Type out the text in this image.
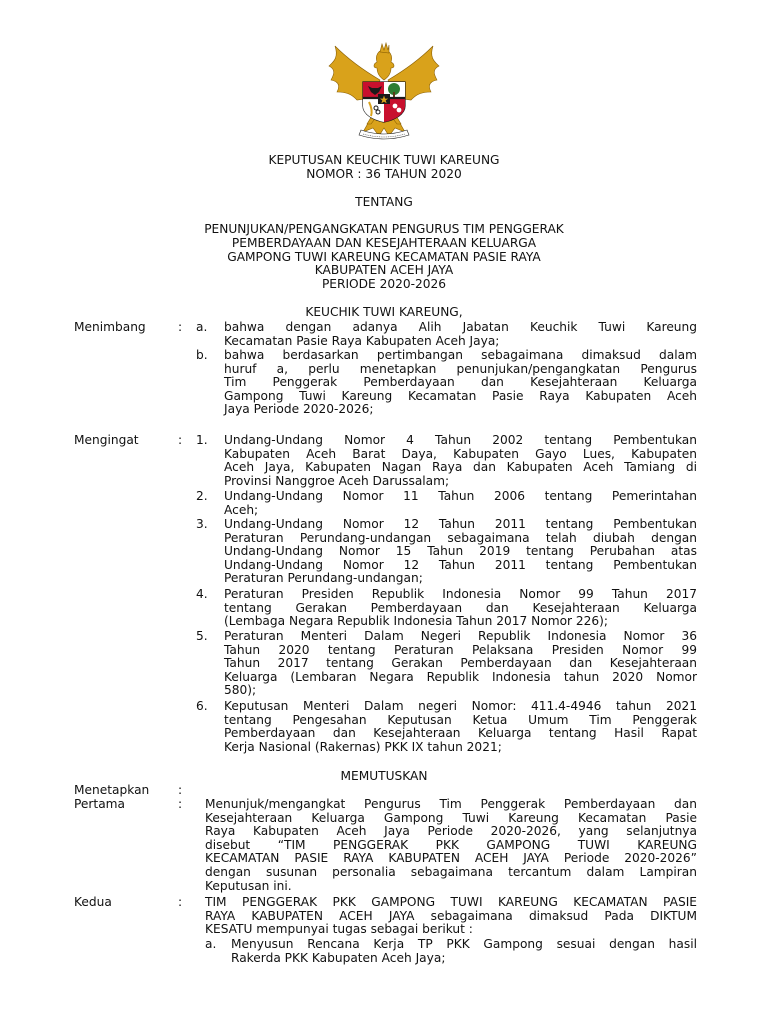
KEPUTUSAN KEUCHIK TUWI KAREUNG
NOMOR : 36 TAHUN 2020
TENTANG
PENUNJUKAN/PENGANGKATAN PENGURUS TIM PENGGERAK
PEMBERDAYAAN DAN KESEJAHTERAAN KELUARGA
GAMPONG TUWI KAREUNG KECAMATAN PASIE RAYA
KABUPATEN ACEH JAYA
PERIODE 2020-2026
KEUCHIK TUWI KAREUNG,
Menimbang	: a. bahwa dengan adanya Alih Jabatan Keuchik Tuwi Kareung
Kecamatan Pasie Raya Kabupaten Aceh Jaya;
b. bahwa berdasarkan pertimbangan sebagaimana dimaksud dalam
huruf a, perlu menetapkan penunjukan/pengangkatan Pengurus
Tim Penggerak Pemberdayaan dan Kesejahteraan Keluarga
Gampong Tuwi Kareung Kecamatan Pasie Raya Kabupaten Aceh
Jaya Periode 2020-2026;
Mengingat	: 1. Undang-Undang Nomor 4 Tahun 2002 tentang Pembentukan
Kabupaten Aceh Barat Daya, Kabupaten Gayo Lues, Kabupaten
Aceh Jaya, Kabupaten Nagan Raya dan Kabupaten Aceh Tamiang di
Provinsi Nanggroe Aceh Darussalam;
2. Undang-Undang Nomor 11 Tahun 2006 tentang Pemerintahan
Aceh;
3. Undang-Undang Nomor 12 Tahun 2011 tentang Pembentukan
Peraturan Perundang-undangan sebagaimana telah diubah dengan
Undang-Undang Nomor 15 Tahun 2019 tentang Perubahan atas
Undang-Undang Nomor 12 Tahun 2011 tentang Pembentukan
Peraturan Perundang-undangan;
4. Peraturan Presiden Republik Indonesia Nomor 99 Tahun 2017
tentang Gerakan Pemberdayaan dan Kesejahteraan Keluarga
(Lembaga Negara Republik Indonesia Tahun 2017 Nomor 226);
5. Peraturan Menteri Dalam Negeri Republik Indonesia Nomor 36
Tahun 2020 tentang Peraturan Pelaksana Presiden Nomor 99
Tahun 2017 tentang Gerakan Pemberdayaan dan Kesejahteraan
Keluarga (Lembaran Negara Republik Indonesia tahun 2020 Nomor
580);
6. Keputusan Menteri Dalam negeri Nomor: 411.4-4946 tahun 2021
tentang Pengesahan Keputusan Ketua Umum Tim Penggerak
Pemberdayaan dan Kesejahteraan Keluarga tentang Hasil Rapat
Kerja Nasional (Rakernas) PKK IX tahun 2021;
MEMUTUSKAN
Menetapkan :
Pertama	: Menunjuk/mengangkat Pengurus Tim Penggerak Pemberdayaan dan
Kesejahteraan Keluarga Gampong Tuwi Kareung Kecamatan Pasie
Raya Kabupaten Aceh Jaya Periode 2020-2026, yang selanjutnya
disebut “TIM PENGGERAK PKK GAMPONG TUWI KAREUNG
KECAMATAN PASIE RAYA KABUPATEN ACEH JAYA Periode 2020-2026”
dengan susunan personalia sebagaimana tercantum dalam Lampiran
Keputusan ini.
Kedua	: TIM PENGGERAK PKK GAMPONG TUWI KAREUNG KECAMATAN PASIE
RAYA KABUPATEN ACEH JAYA sebagaimana dimaksud Pada DIKTUM
KESATU mempunyai tugas sebagai berikut :
a. Menyusun Rencana Kerja TP PKK Gampong sesuai dengan hasil
Rakerda PKK Kabupaten Aceh Jaya;
